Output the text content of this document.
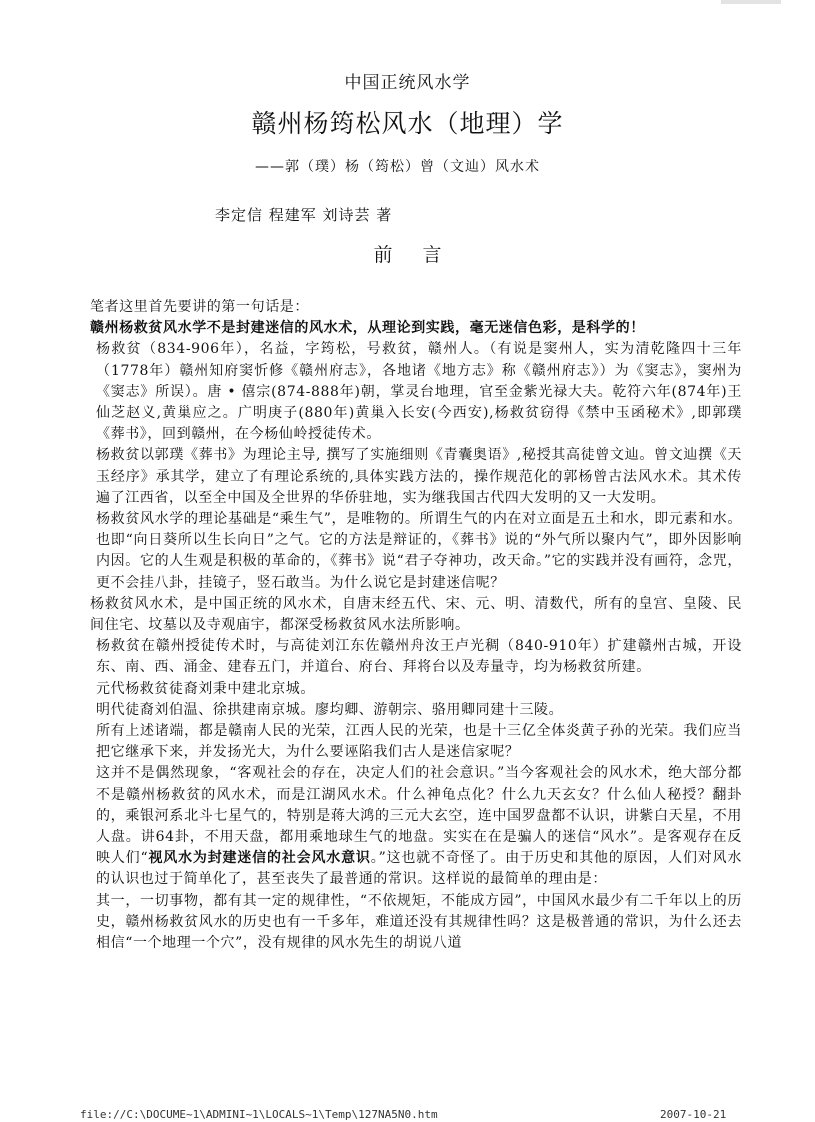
中国正统风水学
赣州杨筠松风水（地理）学
——郭（璞）杨（筠松）曾（文辿）风水术
李定信 程建军 刘诗芸 著
前言

笔者这里首先要讲的第一句话是：

赣州杨救贫风水学不是封建迷信的风水术，从理论到实践，毫无迷信色彩，是科学的！

杨救贫（834-906年），名益，字筠松，号救贫，赣州人。（有说是窦州人，实为清乾隆四十三年（1778年）赣州知府窦忻修《赣州府志》，各地诸《地方志》称《赣州府志》）为《窦志》，窦州为《窦志》所误）。唐 • 僖宗(874-888年)朝，掌灵台地理，官至金紫光禄大夫。乾符六年(874年)王仙芝赵义,黄巢应之。广明庚子(880年)黄巢入长安(今西安),杨救贫窃得《禁中玉函秘术》,即郭璞《葬书》，回到赣州，在今杨仙岭授徒传术。

杨救贫以郭璞《葬书》为理论主导, 撰写了实施细则《青囊奥语》,秘授其高徒曾文辿。曾文辿撰《天玉经序》承其学，建立了有理论系统的,具体实践方法的，操作规范化的郭杨曾古法风水术。其术传遍了江西省，以至全中国及全世界的华侨驻地，实为继我国古代四大发明的又一大发明。

杨救贫风水学的理论基础是“乘生气”，是唯物的。所谓生气的内在对立面是五土和水，即元素和水。也即“向日葵所以生长向日”之气。它的方法是辩证的，《葬书》说的“外气所以聚内气”，即外因影响内因。它的人生观是积极的革命的，《葬书》说“君子夺神功，改天命。”它的实践并没有画符，念咒，更不会挂八卦，挂镜子，竖石敢当。为什么说它是封建迷信呢？

杨救贫风水术，是中国正统的风水术，自唐末经五代、宋、元、明、清数代，所有的皇宫、皇陵、民间住宅、坟墓以及寺观庙宇，都深受杨救贫风水法所影响。

杨救贫在赣州授徒传术时，与高徒刘江东佐赣州舟汝王卢光稠（840-910年）扩建赣州古城，开设东、南、西、涌金、建春五门，并道台、府台、拜将台以及寿量寺，均为杨救贫所建。

元代杨救贫徒裔刘秉中建北京城。

明代徒裔刘伯温、徐拱建南京城。廖均卿、游朝宗、骆用卿同建十三陵。

所有上述诸端，都是赣南人民的光荣，江西人民的光荣，也是十三亿全体炎黄子孙的光荣。我们应当把它继承下来，并发扬光大，为什么要诬陷我们古人是迷信家呢？

这并不是偶然现象，“客观社会的存在，决定人们的社会意识。”当今客观社会的风水术，绝大部分都不是赣州杨救贫的风水术，而是江湖风水术。什么神龟点化？什么九天玄女？什么仙人秘授？翻卦的，乘银河系北斗七星气的，特别是蒋大鸿的三元大玄空，连中国罗盘都不认识，讲紫白天星，不用人盘。讲64卦，不用天盘，都用乘地球生气的地盘。实实在在是骗人的迷信“风水”。是客观存在反映人们“视风水为封建迷信的社会风水意识。”这也就不奇怪了。由于历史和其他的原因，人们对风水的认识也过于简单化了，甚至丧失了最普通的常识。这样说的最简单的理由是：

其一，一切事物，都有其一定的规律性，“不依规矩，不能成方园”，中国风水最少有二千年以上的历史，赣州杨救贫风水的历史也有一千多年，难道还没有其规律性吗？这是极普通的常识，为什么还去相信“一个地理一个穴”，没有规律的风水先生的胡说八道

file://C:\DOCUME~1\ADMINI~1\LOCALS~1\Temp\127NA5N0.htm	2007-10-21
